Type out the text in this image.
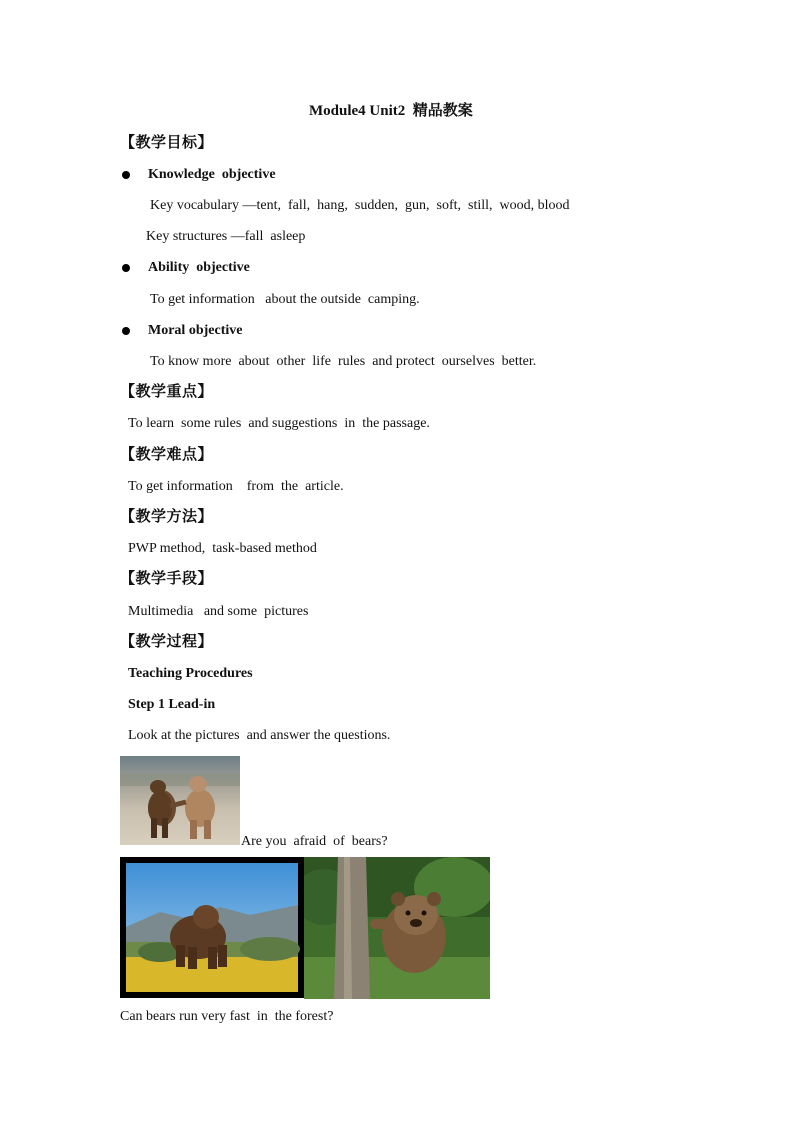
Module4 Unit2  精品教案
【教学目标】
Knowledge  objective
Key vocabulary —tent,  fall,  hang,  sudden,  gun,  soft,  still,  wood, blood
Key structures —fall  asleep
Ability  objective
To get information   about the outside  camping.
Moral objective
To know more  about  other  life  rules  and protect  ourselves  better.
【教学重点】
To learn  some rules  and suggestions  in  the passage.
【教学难点】
To get information    from  the  article.
【教学方法】
PWP method,  task-based method
【教学手段】
Multimedia   and some  pictures
【教学过程】
Teaching Procedures
Step 1 Lead-in
Look at the pictures  and answer the questions.
Are you  afraid  of  bears?
Can bears run very fast  in  the forest?
